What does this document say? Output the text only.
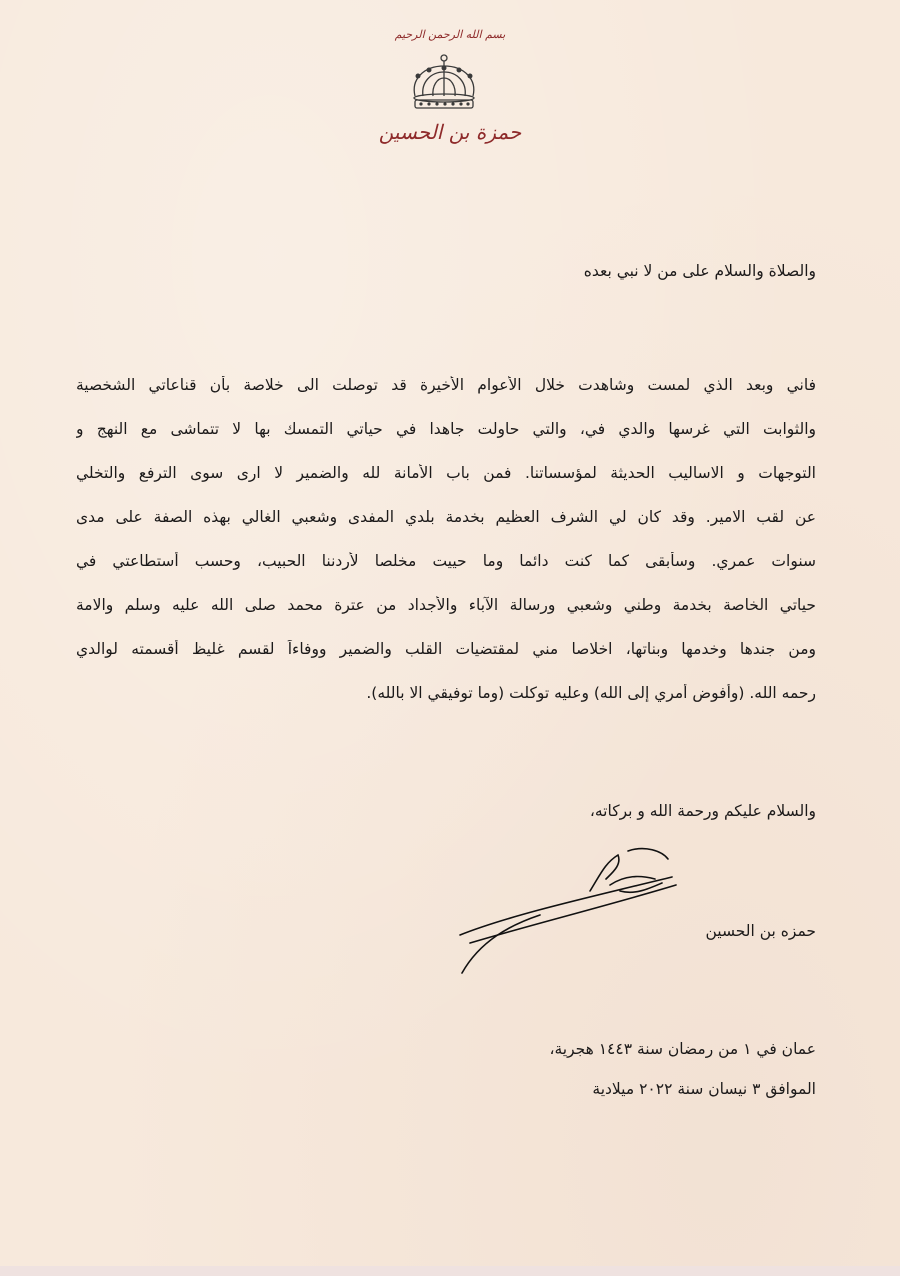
بسم الله الرحمن الرحيم
حمزة بن الحسين
والصلاة والسلام على من لا نبي بعده
فاني وبعد الذي لمست وشاهدت خلال الأعوام الأخيرة قد توصلت الى خلاصة بأن قناعاتي الشخصية
والثوابت التي غرسها والدي في، والتي حاولت جاهدا في حياتي التمسك بها لا تتماشى مع النهج و
التوجهات و الاساليب الحديثة لمؤسساتنا. فمن باب الأمانة لله والضمير لا ارى سوى الترفع والتخلي
عن لقب الامير. وقد كان لي الشرف العظيم بخدمة بلدي المفدى وشعبي الغالي بهذه الصفة على مدى
سنوات عمري. وسأبقى كما كنت دائما وما حييت مخلصا لأردننا الحبيب، وحسب أستطاعتي في
حياتي الخاصة بخدمة وطني وشعبي ورسالة الآباء والأجداد من عترة محمد صلى الله عليه وسلم والامة
ومن جندها وخدمها وبناتها، اخلاصا مني لمقتضيات القلب والضمير ووفاءاً لقسم غليظ أقسمته لوالدي
رحمه الله. (وأفوض أمري إلى الله) وعليه توكلت (وما توفيقي الا بالله).
والسلام عليكم ورحمة الله و بركاته،
حمزه بن الحسين
عمان في ١ من رمضان سنة ١٤٤٣ هجرية،
الموافق ٣ نيسان سنة ٢٠٢٢ ميلادية
